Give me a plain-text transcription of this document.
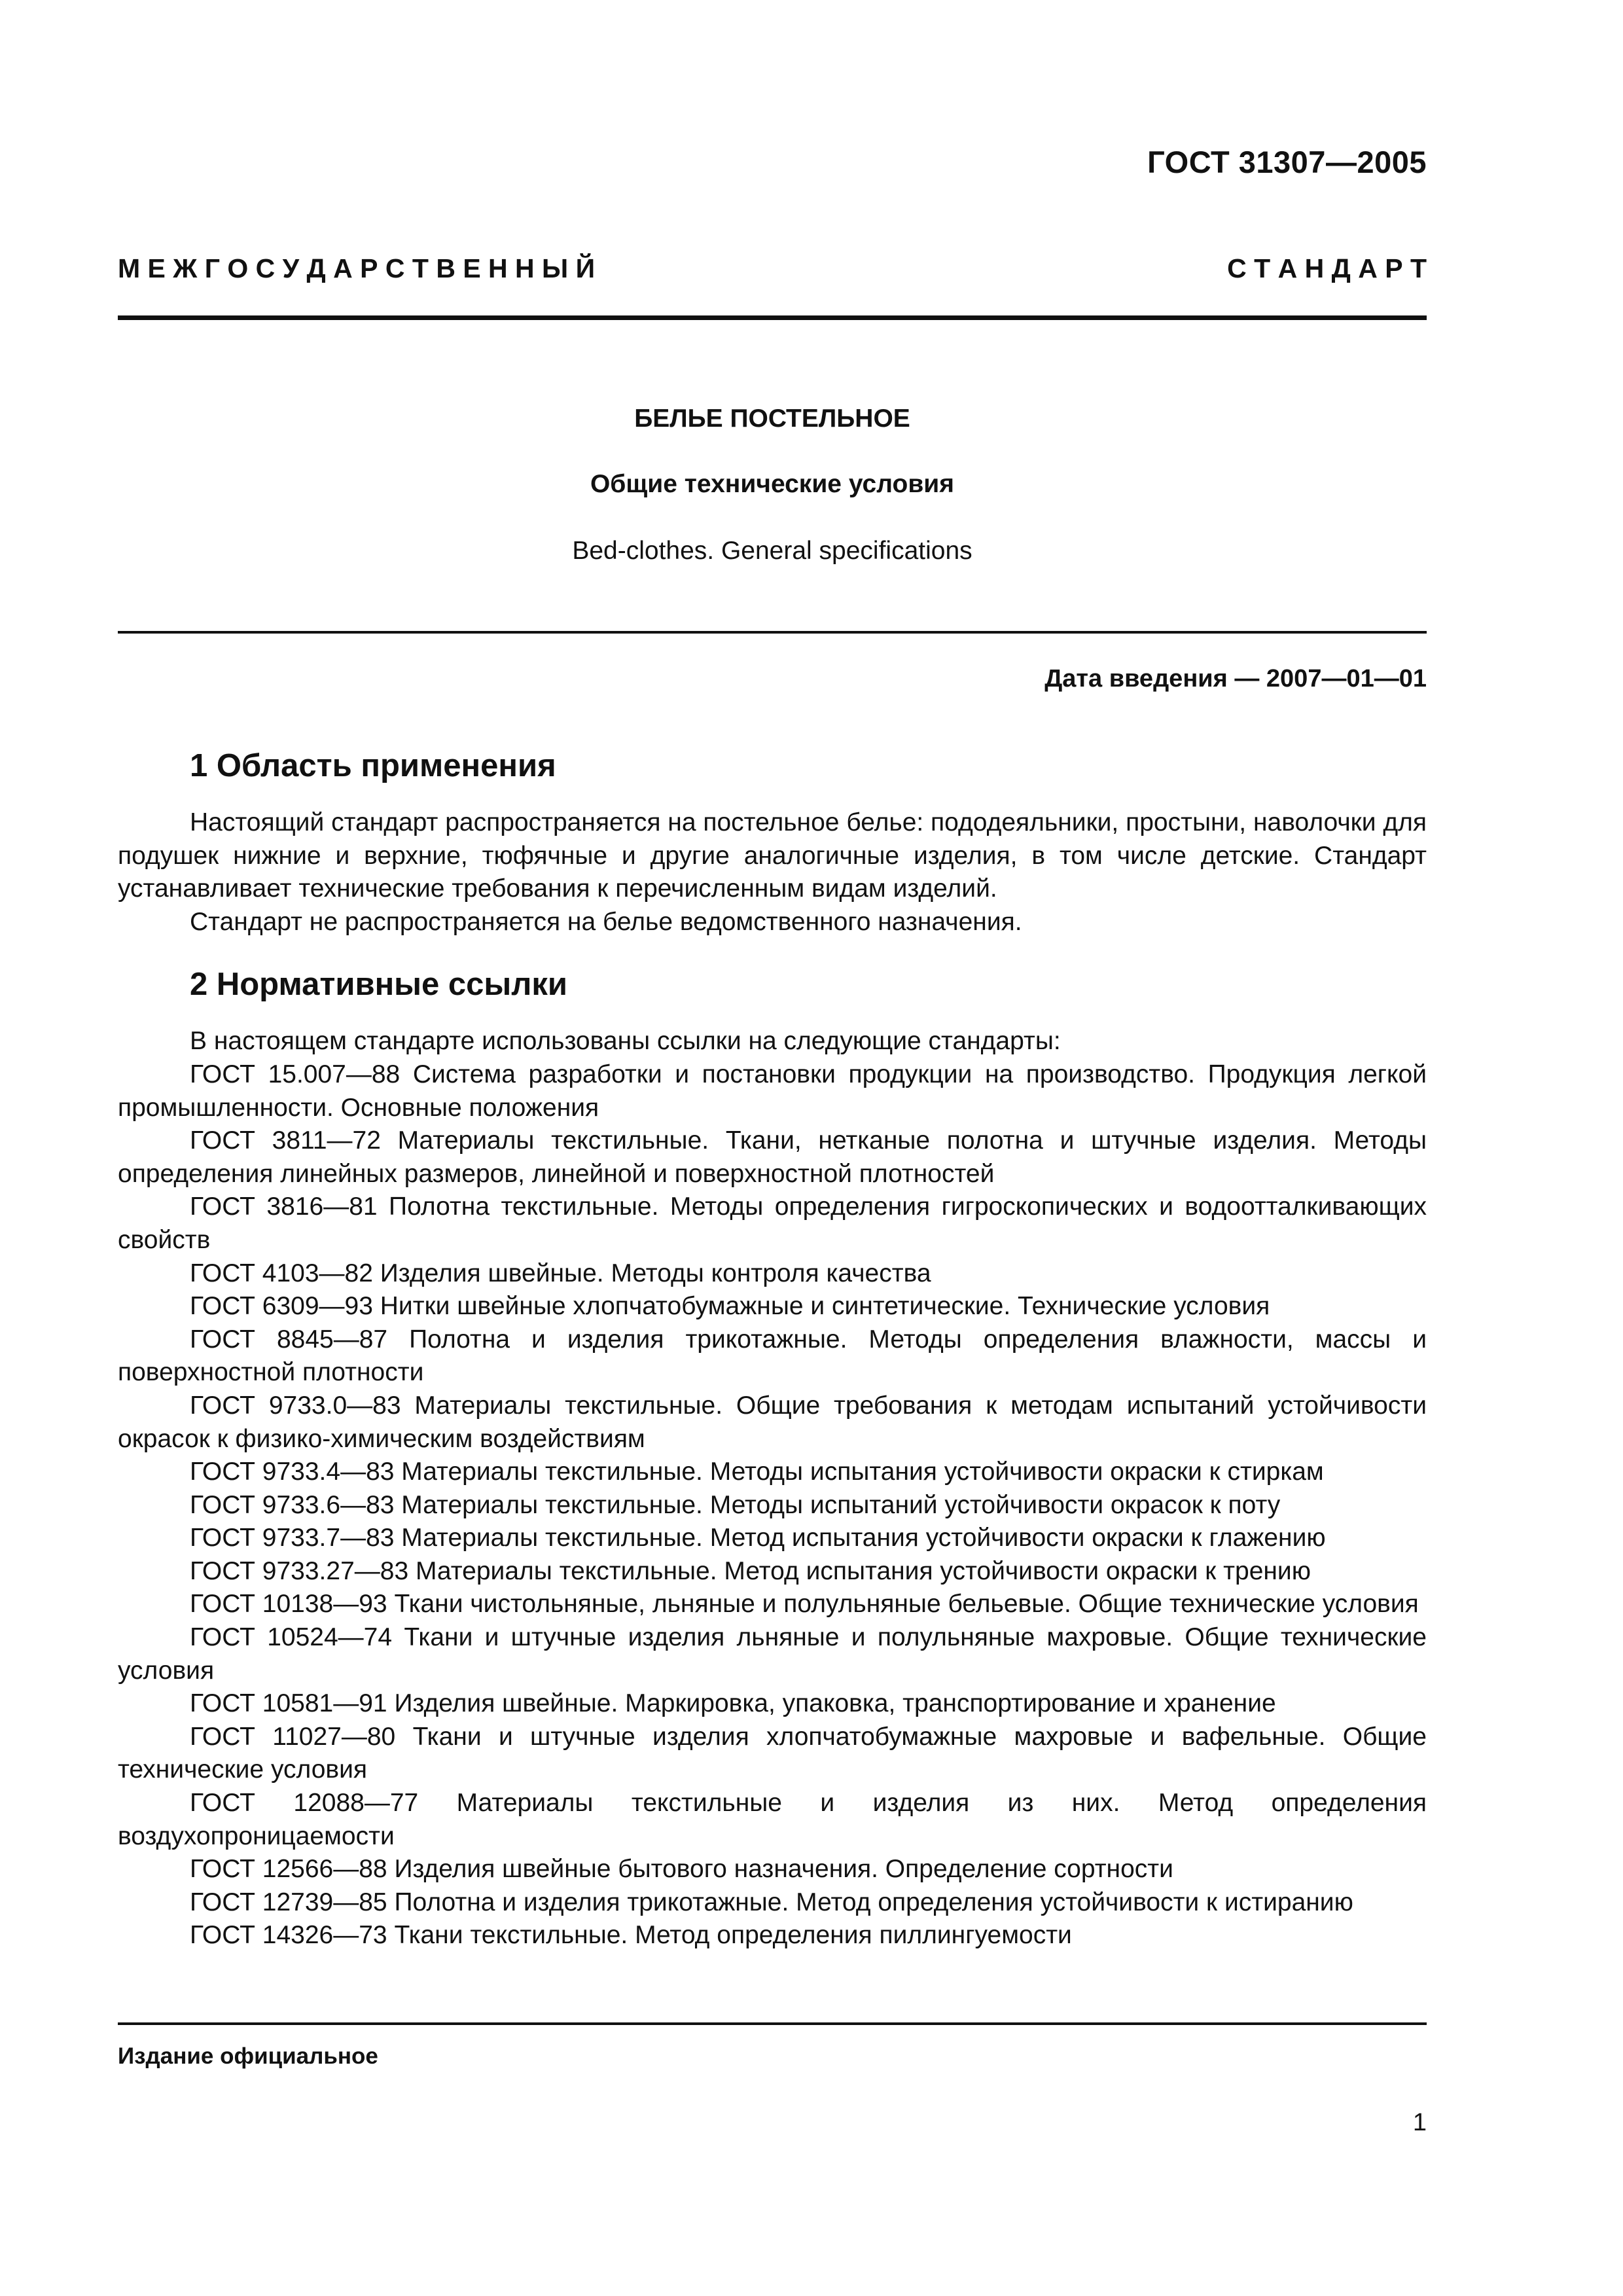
ГОСТ 31307—2005
М Е Ж Г О С У Д А Р С Т В Е Н Н Ы Й	С Т А Н Д А Р Т
БЕЛЬЕ ПОСТЕЛЬНОЕ
Общие технические условия
Bed-clothes. General specifications
Дата введения — 2007—01—01
1 Область применения

Настоящий стандарт распространяется на постельное белье: пододеяльники, простыни, наволочки для подушек нижние и верхние, тюфячные и другие аналогичные изделия, в том числе детские. Стандарт устанавливает технические требования к перечисленным видам изделий.

Стандарт не распространяется на белье ведомственного назначения.

2 Нормативные ссылки

В настоящем стандарте использованы ссылки на следующие стандарты:

ГОСТ 15.007—88 Система разработки и постановки продукции на производство. Продукция легкой промышленности. Основные положения

ГОСТ 3811—72 Материалы текстильные. Ткани, нетканые полотна и штучные изделия. Методы определения линейных размеров, линейной и поверхностной плотностей

ГОСТ 3816—81 Полотна текстильные. Методы определения гигроскопических и водоотталкивающих свойств

ГОСТ 4103—82 Изделия швейные. Методы контроля качества

ГОСТ 6309—93 Нитки швейные хлопчатобумажные и синтетические. Технические условия

ГОСТ 8845—87 Полотна и изделия трикотажные. Методы определения влажности, массы и поверхностной плотности

ГОСТ 9733.0—83 Материалы текстильные. Общие требования к методам испытаний устойчивости окрасок к физико-химическим воздействиям

ГОСТ 9733.4—83 Материалы текстильные. Методы испытания устойчивости окраски к стиркам

ГОСТ 9733.6—83 Материалы текстильные. Методы испытаний устойчивости окрасок к поту

ГОСТ 9733.7—83 Материалы текстильные. Метод испытания устойчивости окраски к глажению

ГОСТ 9733.27—83 Материалы текстильные. Метод испытания устойчивости окраски к трению

ГОСТ 10138—93 Ткани чистольняные, льняные и полульняные бельевые. Общие технические условия

ГОСТ 10524—74 Ткани и штучные изделия льняные и полульняные махровые. Общие технические условия

ГОСТ 10581—91 Изделия швейные. Маркировка, упаковка, транспортирование и хранение

ГОСТ 11027—80 Ткани и штучные изделия хлопчатобумажные махровые и вафельные. Общие технические условия

ГОСТ 12088—77 Материалы текстильные и изделия из них. Метод определения воздухопроницаемости

ГОСТ 12566—88 Изделия швейные бытового назначения. Определение сортности

ГОСТ 12739—85 Полотна и изделия трикотажные. Метод определения устойчивости к истиранию

ГОСТ 14326—73 Ткани текстильные. Метод определения пиллингуемости

Издание официальное
1
